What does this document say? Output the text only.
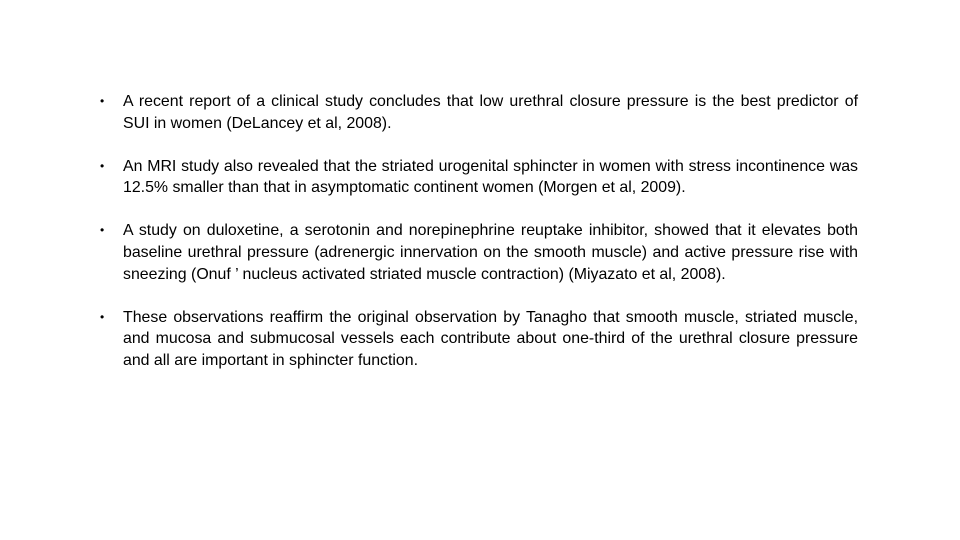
• A recent report of a clinical study concludes that low urethral closure pressure is the best predictor of SUI in women (DeLancey et al, 2008).
• An MRI study also revealed that the striated urogenital sphincter in women with stress incontinence was 12.5% smaller than that in asymptomatic continent women (Morgen et al, 2009).
• A study on duloxetine, a serotonin and norepinephrine reuptake inhibitor, showed that it elevates both baseline urethral pressure (adrenergic innervation on the smooth muscle) and active pressure rise with sneezing (Onuf ’ nucleus activated striated muscle contraction) (Miyazato et al, 2008).
• These observations reaffirm the original observation by Tanagho that smooth muscle, striated muscle, and mucosa and submucosal vessels each contribute about one-third of the urethral closure pressure and all are important in sphincter function.
